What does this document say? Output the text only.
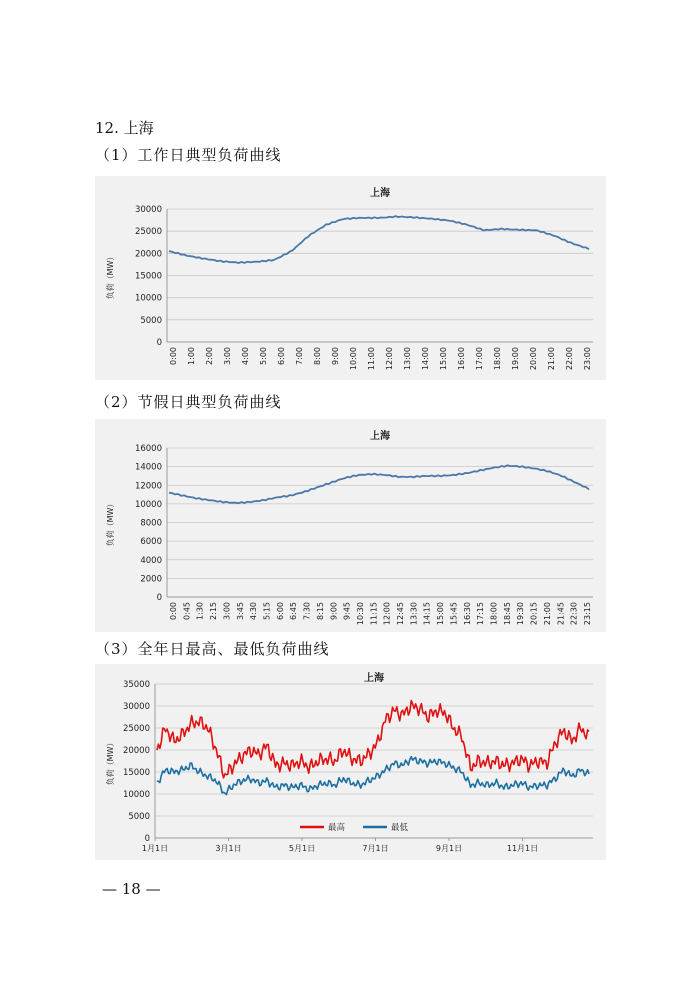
12. 上海
（1）工作日典型负荷曲线
（2）节假日典型负荷曲线
（3）全年日最高、最低负荷曲线
上海
0
5000
10000
15000
20000
25000
30000
负荷（MW）
0:00 1:00 2:00 3:00 4:00 5:00 6:00 7:00 8:00 9:00 10:00 11:00 12:00 13:00 14:00 15:00 16:00 17:00 18:00 19:00 20:00 21:00 22:00 23:00
上海
0
2000
4000
6000
8000
10000
12000
14000
16000
负荷（MW）
0:00 0:45 1:30 2:15 3:00 3:45 4:30 5:15 6:00 6:45 7:30 8:15 9:00 9:45 10:30 11:15 12:00 12:45 13:30 14:15 15:00 15:45 16:30 17:15 18:00 18:45 19:30 20:15 21:00 21:45 22:30 23:15
上海
0
5000
10000
15000
20000
25000
30000
35000
负荷（MW）
1月1日	3月1日	5月1日	7月1日	9月1日	11月1日
最高	最低
— 18 —
